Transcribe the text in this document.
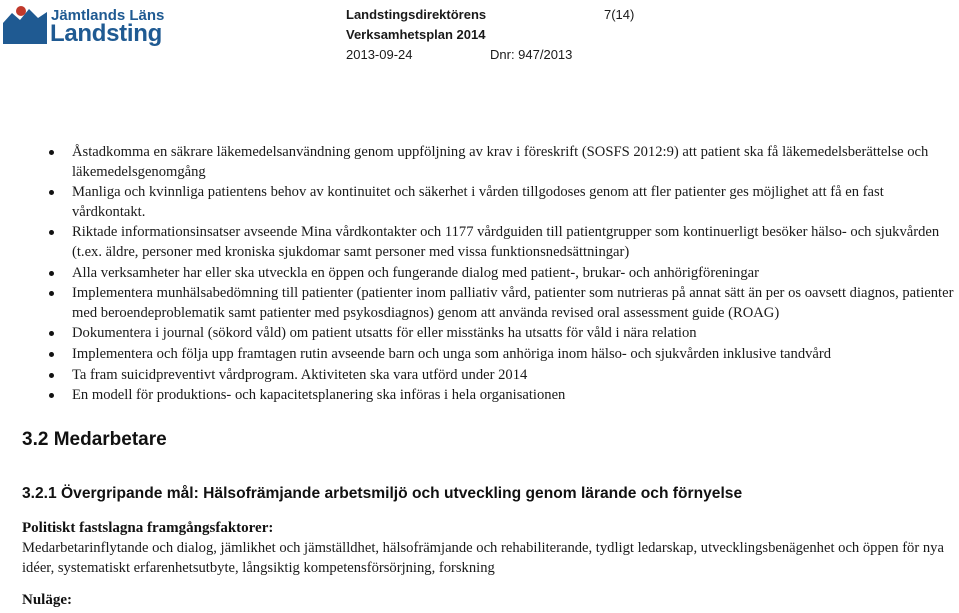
Jämtlands Läns
Landsting
Landstingsdirektörens	7(14)
Verksamhetsplan 2014
2013-09-24	Dnr: 947/2013
Åstadkomma en säkrare läkemedelsanvändning genom uppföljning av krav i föreskrift (SOSFS 2012:9) att patient ska få läkemedelsberättelse och läkemedelsgenomgång
Manliga och kvinnliga patientens behov av kontinuitet och säkerhet i vården tillgodoses genom att fler patienter ges möjlighet att få en fast vårdkontakt.
Riktade informationsinsatser avseende Mina vårdkontakter och 1177 vårdguiden till patientgrupper som kontinuerligt besöker hälso- och sjukvården (t.ex. äldre, personer med kroniska sjukdomar samt personer med vissa funktionsnedsättningar)
Alla verksamheter har eller ska utveckla en öppen och fungerande dialog med patient-, brukar- och anhörigföreningar
Implementera munhälsabedömning till patienter (patienter inom palliativ vård, patienter som nutrieras på annat sätt än per os oavsett diagnos, patienter med beroendeproblematik samt patienter med psykosdiagnos) genom att använda revised oral assessment guide (ROAG)
Dokumentera i journal (sökord våld) om patient utsatts för eller misstänks ha utsatts för våld i nära relation
Implementera och följa upp framtagen rutin avseende barn och unga som anhöriga inom hälso- och sjukvården inklusive tandvård
Ta fram suicidpreventivt vårdprogram. Aktiviteten ska vara utförd under 2014
En modell för produktions- och kapacitetsplanering ska införas i hela organisationen
3.2 Medarbetare
3.2.1 Övergripande mål: Hälsofrämjande arbetsmiljö och utveckling genom lärande och förnyelse
Politiskt fastslagna framgångsfaktorer:
Medarbetarinflytande och dialog, jämlikhet och jämställdhet, hälsofrämjande och rehabiliterande, tydligt ledarskap, utvecklingsbenägenhet och öppen för nya idéer, systematiskt erfarenhetsutbyte, långsiktig kompetensförsörjning, forskning
Nuläge:
